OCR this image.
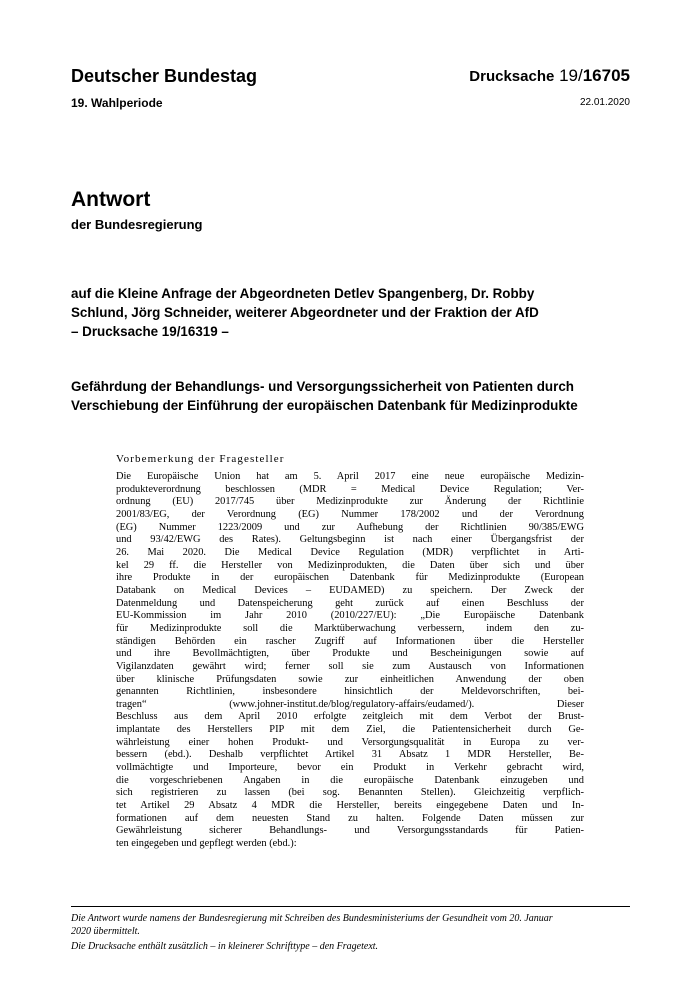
Deutscher Bundestag	Drucksache 19/16705
19. Wahlperiode	22.01.2020
Antwort
der Bundesregierung
auf die Kleine Anfrage der Abgeordneten Detlev Spangenberg, Dr. Robby
Schlund, Jörg Schneider, weiterer Abgeordneter und der Fraktion der AfD
– Drucksache 19/16319 –
Gefährdung der Behandlungs- und Versorgungssicherheit von Patienten durch
Verschiebung der Einführung der europäischen Datenbank für Medizinprodukte
Vorbemerkung der Fragesteller
Die Europäische Union hat am 5. April 2017 eine neue europäische Medizin-
produkteverordnung beschlossen (MDR = Medical Device Regulation; Ver-
ordnung (EU) 2017/745 über Medizinprodukte zur Änderung der Richtlinie
2001/83/EG, der Verordnung (EG) Nummer 178/2002 und der Verordnung
(EG) Nummer 1223/2009 und zur Aufhebung der Richtlinien 90/385/EWG
und 93/42/EWG des Rates). Geltungsbeginn ist nach einer Übergangsfrist der
26. Mai 2020. Die Medical Device Regulation (MDR) verpflichtet in Arti-
kel 29 ff. die Hersteller von Medizinprodukten, die Daten über sich und über
ihre Produkte in der europäischen Datenbank für Medizinprodukte (European
Databank on Medical Devices – EUDAMED) zu speichern. Der Zweck der
Datenmeldung und Datenspeicherung geht zurück auf einen Beschluss der
EU-Kommission im Jahr 2010 (2010/227/EU): „Die Europäische Datenbank
für Medizinprodukte soll die Marktüberwachung verbessern, indem den zu-
ständigen Behörden ein rascher Zugriff auf Informationen über die Hersteller
und ihre Bevollmächtigten, über Produkte und Bescheinigungen sowie auf
Vigilanzdaten gewährt wird; ferner soll sie zum Austausch von Informationen
über klinische Prüfungsdaten sowie zur einheitlichen Anwendung der oben
genannten Richtlinien, insbesondere hinsichtlich der Meldevorschriften, bei-
tragen“ (www.johner-institut.de/blog/regulatory-affairs/eudamed/). Dieser
Beschluss aus dem April 2010 erfolgte zeitgleich mit dem Verbot der Brust-
implantate des Herstellers PIP mit dem Ziel, die Patientensicherheit durch Ge-
währleistung einer hohen Produkt- und Versorgungsqualität in Europa zu ver-
bessern (ebd.). Deshalb verpflichtet Artikel 31 Absatz 1 MDR Hersteller, Be-
vollmächtigte und Importeure, bevor ein Produkt in Verkehr gebracht wird,
die vorgeschriebenen Angaben in die europäische Datenbank einzugeben und
sich registrieren zu lassen (bei sog. Benannten Stellen). Gleichzeitig verpflich-
tet Artikel 29 Absatz 4 MDR die Hersteller, bereits eingegebene Daten und In-
formationen auf dem neuesten Stand zu halten. Folgende Daten müssen zur
Gewährleistung sicherer Behandlungs- und Versorgungsstandards für Patien-
ten eingegeben und gepflegt werden (ebd.):
Die Antwort wurde namens der Bundesregierung mit Schreiben des Bundesministeriums der Gesundheit vom 20. Januar
2020 übermittelt.
Die Drucksache enthält zusätzlich – in kleinerer Schrifttype – den Fragetext.
